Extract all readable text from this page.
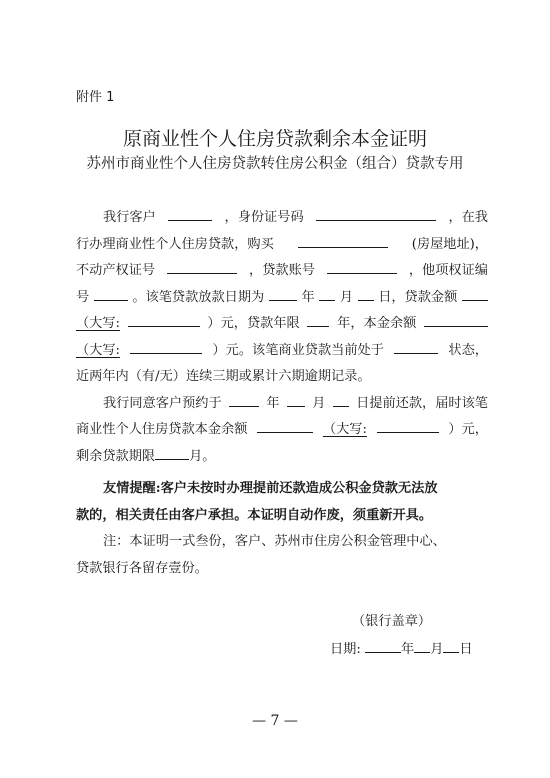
附件 1
原商业性个人住房贷款剩余本金证明
苏州市商业性个人住房贷款转住房公积金（组合）贷款专用
我行客户	，身份证号码	，在我
行办理商业性个人住房贷款，购买	(房屋地址)，
不动产权证号	，贷款账号	，他项权证编
号	。该笔贷款放款日期为	年 月 日，贷款金额
（大写:	）元，贷款年限	年，本金余额
（大写:	）元。该笔商业贷款当前处于	状态，
近两年内（有/无）连续三期或累计六期逾期记录。
我行同意客户预约于	年 月 日提前还款，届时该笔
商业性个人住房贷款本金余额	（大写:	）元，
剩余贷款期限	月。
友情提醒:客户未按时办理提前还款造成公积金贷款无法放
款的，相关责任由客户承担。本证明自动作废，须重新开具。
注：本证明一式叁份，客户、苏州市住房公积金管理中心、
贷款银行各留存壹份。
（银行盖章）
日期:	年 月 日
— 7 —
